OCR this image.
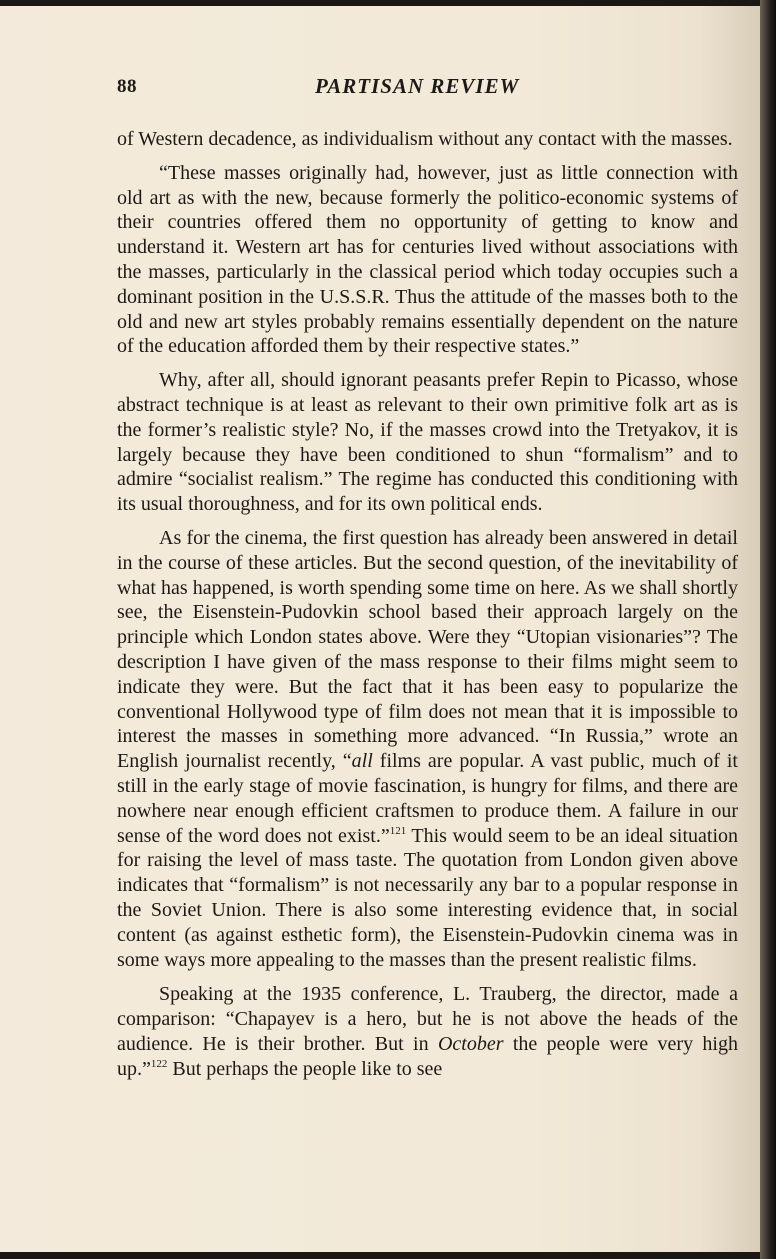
88	PARTISAN REVIEW

of Western decadence, as individualism without any contact with the masses.

“These masses originally had, however, just as little connection with old art as with the new, because formerly the politico-economic systems of their countries offered them no opportunity of getting to know and understand it. Western art has for centuries lived without associations with the masses, particularly in the classical period which today occupies such a dominant position in the U.S.S.R. Thus the attitude of the masses both to the old and new art styles probably remains essentially dependent on the nature of the education afforded them by their respective states.”

Why, after all, should ignorant peasants prefer Repin to Picasso, whose abstract technique is at least as relevant to their own primitive folk art as is the former’s realistic style? No, if the masses crowd into the Tretyakov, it is largely because they have been conditioned to shun “formalism” and to admire “socialist realism.” The regime has conducted this conditioning with its usual thoroughness, and for its own political ends.

As for the cinema, the first question has already been answered in detail in the course of these articles. But the second question, of the inevitability of what has happened, is worth spending some time on here. As we shall shortly see, the Eisenstein-Pudovkin school based their approach largely on the principle which London states above. Were they “Utopian visionaries”? The description I have given of the mass response to their films might seem to indicate they were. But the fact that it has been easy to popularize the conventional Hollywood type of film does not mean that it is impossible to interest the masses in something more advanced. “In Russia,” wrote an English journalist recently, “all films are popular. A vast public, much of it still in the early stage of movie fascination, is hungry for films, and there are nowhere near enough efficient craftsmen to produce them. A failure in our sense of the word does not exist.”$^{121}$ This would seem to be an ideal situation for raising the level of mass taste. The quotation from London given above indicates that “formalism” is not necessarily any bar to a popular response in the Soviet Union. There is also some interesting evidence that, in social content (as against esthetic form), the Eisenstein-Pudovkin cinema was in some ways more appealing to the masses than the present realistic films.

Speaking at the 1935 conference, L. Trauberg, the director, made a comparison: “Chapayev is a hero, but he is not above the heads of the audience. He is their brother. But in October the people were very high up.”$^{122}$ But perhaps the people like to see
